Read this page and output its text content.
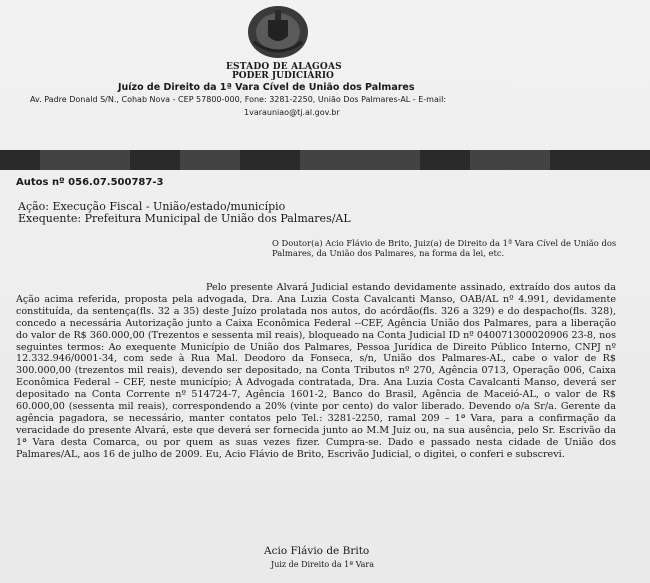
ESTADO DE ALAGOAS
PODER JUDICIÁRIO
Juízo de Direito da 1ª Vara Cível de União dos Palmares
Av. Padre Donald S/N., Cohab Nova - CEP 57800-000, Fone: 3281-2250, União Dos Palmares-AL - E-mail:
1varauniao@tj.al.gov.br
Autos nº 056.07.500787-3
Ação: Execução Fiscal - União/estado/município
Exequente: Prefeitura Municipal de União dos Palmares/AL
O Doutor(a) Acio Flávio de Brito, Juiz(a) de Direito da 1ª Vara Cível de União dos Palmares, da União dos Palmares, na forma da lei, etc.

Pelo presente Alvará Judicial estando devidamente assinado, extraído dos autos da Ação acima referida, proposta pela advogada, Dra. Ana Luzia Costa Cavalcanti Manso, OAB/AL nº 4.991, devidamente constituída, da sentença(fls. 32 a 35) deste Juízo prolatada nos autos, do acórdão(fls. 326 a 329) e do despacho(fls. 328), concedo a necessária Autorização junto a Caixa Econômica Federal --CEF, Agência União dos Palmares, para a liberação do valor de R$ 360.000,00 (Trezentos e sessenta mil reais), bloqueado na Conta Judicial ID nº 040071300020906 23-8, nos seguintes termos: Ao exequente Município de União dos Palmares, Pessoa Jurídica de Direito Público Interno, CNPJ nº 12.332.946/0001-34, com sede à Rua Mal. Deodoro da Fonseca, s/n, União dos Palmares-AL, cabe o valor de R$ 300.000,00 (trezentos mil reais), devendo ser depositado, na Conta Tributos nº 270, Agência 0713, Operação 006, Caixa Econômica Federal – CEF, neste município; À Advogada contratada, Dra. Ana Luzia Costa Cavalcanti Manso, deverá ser depositado na Conta Corrente nº 514724-7, Agência 1601-2, Banco do Brasil, Agência de Maceió-AL, o valor de R$ 60.000,00 (sessenta mil reais), correspondendo a 20% (vinte por cento) do valor liberado. Devendo o/a Sr/a. Gerente da agência pagadora, se necessário, manter contatos pelo Tel.: 3281-2250, ramal 209 – 1ª Vara, para a confirmação da veracidade do presente Alvará, este que deverá ser fornecida junto ao M.M Juiz ou, na sua ausência, pelo Sr. Escrivão da 1ª Vara desta Comarca, ou por quem as suas vezes fizer. Cumpra-se. Dado e passado nesta cidade de União dos Palmares/AL, aos 16 de julho de 2009. Eu, Acio Flávio de Brito, Escrivão Judicial, o digitei, o conferi e subscrevi.

Acio Flávio de Brito
Juiz de Direito da 1ª Vara
